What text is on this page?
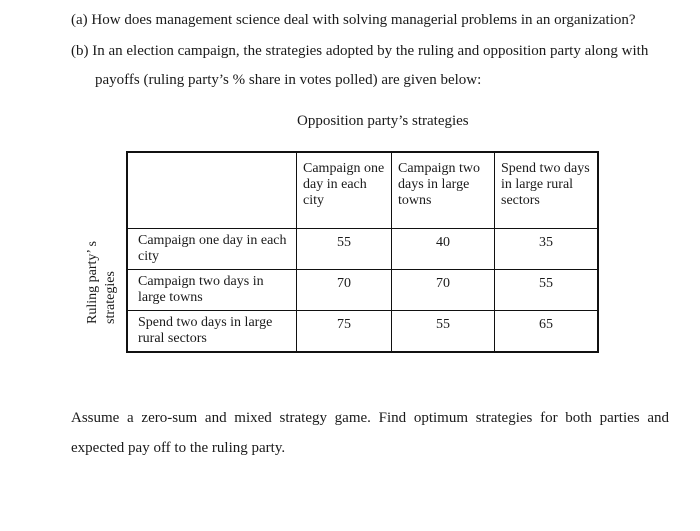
(a) How does management science deal with solving managerial problems in an organization?
(b) In an election campaign, the strategies adopted by the ruling and opposition party along with
payoffs (ruling party’s % share in votes polled) are given below:
Opposition party’s strategies
Ruling party’ s strategies
	Campaign one day in each city	Campaign two days in large towns	Spend two days in large rural sectors
Campaign one day in each city	55	40	35
Campaign two days in large towns	70	70	55
Spend two days in large rural sectors	75	55	65
Assume a zero-sum and mixed strategy game. Find optimum strategies for both parties and expected pay off to the ruling party.
